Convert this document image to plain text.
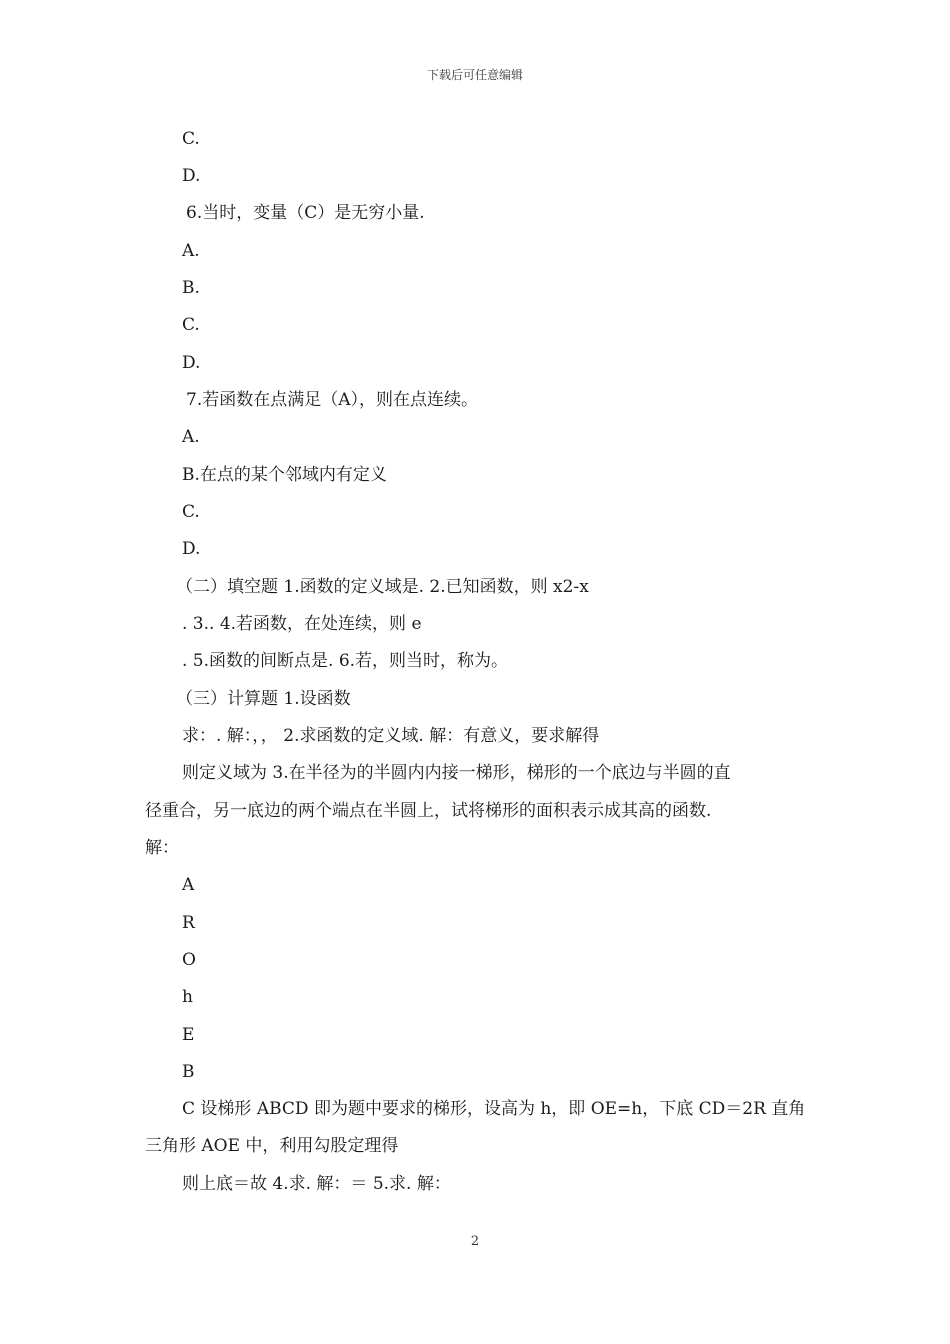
下载后可任意编辑
C.
D.
6.当时，变量（C）是无穷小量.
A.
B.
C.
D.
7.若函数在点满足（A），则在点连续。
A.
B.在点的某个邻域内有定义
C.
D.
（二）填空题 1.函数的定义域是. 2.已知函数，则 x2-x
. 3.. 4.若函数，在处连续，则 e
. 5.函数的间断点是. 6.若，则当时，称为。
（三）计算题 1.设函数
求：. 解：，， 2.求函数的定义域. 解：有意义，要求解得
则定义域为 3.在半径为的半圆内内接一梯形，梯形的一个底边与半圆的直
径重合，另一底边的两个端点在半圆上，试将梯形的面积表示成其高的函数.
解：
A
R
O
h
E
B
C 设梯形 ABCD 即为题中要求的梯形，设高为 h，即 OE=h，下底 CD＝2R 直角
三角形 AOE 中，利用勾股定理得
则上底＝故 4.求. 解：＝ 5.求. 解：
2
